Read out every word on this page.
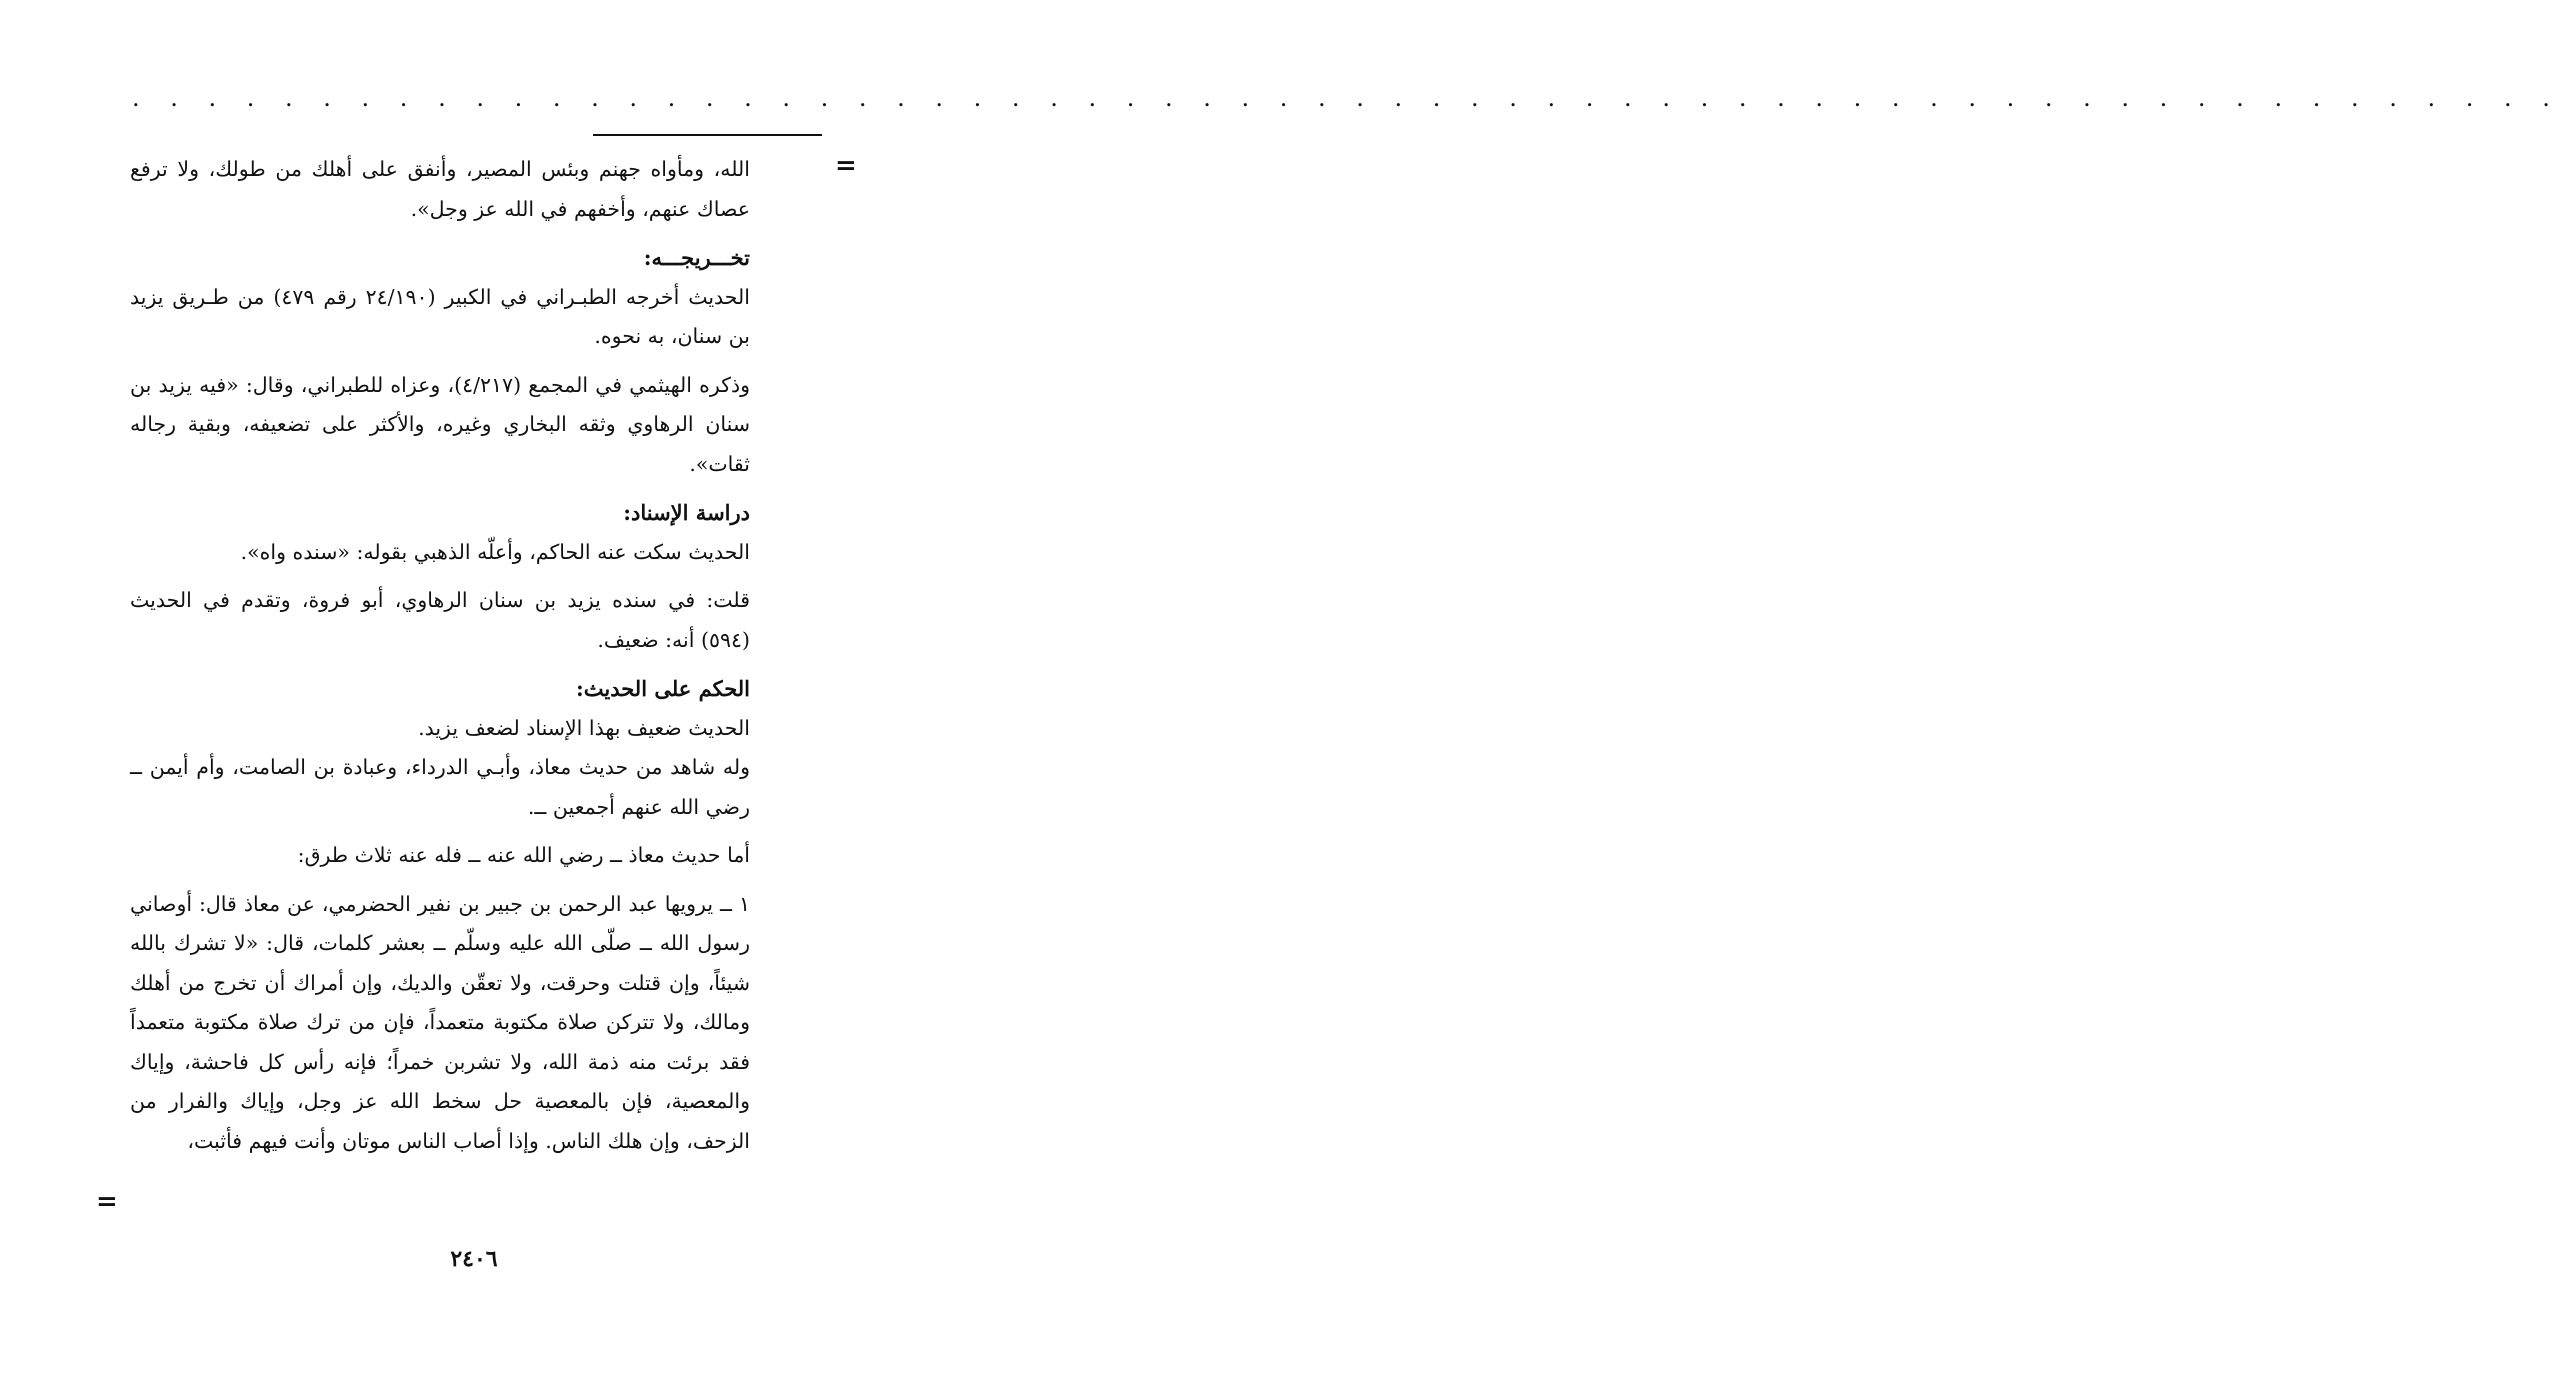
. . . . . . . . . . . . . . . . . . . . . . . . . . . . . . . . . . . . . . . . . . . . . . . . . . . . . . . . . . . . . . . .
=

الله، ومأواه جهنم وبئس المصير، وأنفق على أهلك من طولك، ولا ترفع عصاك عنهم، وأخفهم في الله عز وجل».

تخـــريجـــه:

الحديث أخرجه الطبـراني في الكبير (٢٤/١٩٠ رقم ٤٧٩) من طـريق يزيد بن سنان، به نحوه.

وذكره الهيثمي في المجمع (٤/٢١٧)، وعزاه للطبراني، وقال: «فيه يزيد بن سنان الرهاوي وثقه البخاري وغيره، والأكثر على تضعيفه، وبقية رجاله ثقات».

دراسة الإسناد:

الحديث سكت عنه الحاكم، وأعلّه الذهبي بقوله: «سنده واه».

قلت: في سنده يزيد بن سنان الرهاوي، أبو فروة، وتقدم في الحديث (٥٩٤) أنه: ضعيف.

الحكم على الحديث:

الحديث ضعيف بهذا الإسناد لضعف يزيد.

وله شاهد من حديث معاذ، وأبـي الدرداء، وعبادة بن الصامت، وأم أيمن ــ رضي الله عنهم أجمعين ــ.

أما حديث معاذ ــ رضي الله عنه ــ فله عنه ثلاث طرق:

١ ــ يرويها عبد الرحمن بن جبير بن نفير الحضرمي، عن معاذ قال: أوصاني رسول الله ــ صلّى الله عليه وسلّم ــ بعشر كلمات، قال: «لا تشرك بالله شيئاً، وإن قتلت وحرقت، ولا تعقّن والديك، وإن أمراك أن تخرج من أهلك ومالك، ولا تتركن صلاة مكتوبة متعمداً، فإن من ترك صلاة مكتوبة متعمداً فقد برئت منه ذمة الله، ولا تشربن خمراً؛ فإنه رأس كل فاحشة، وإياك والمعصية، فإن بالمعصية حل سخط الله عز وجل، وإياك والفرار من الزحف، وإن هلك الناس. وإذا أصاب الناس موتان وأنت فيهم فأثبت،

=
٢٤٠٦
